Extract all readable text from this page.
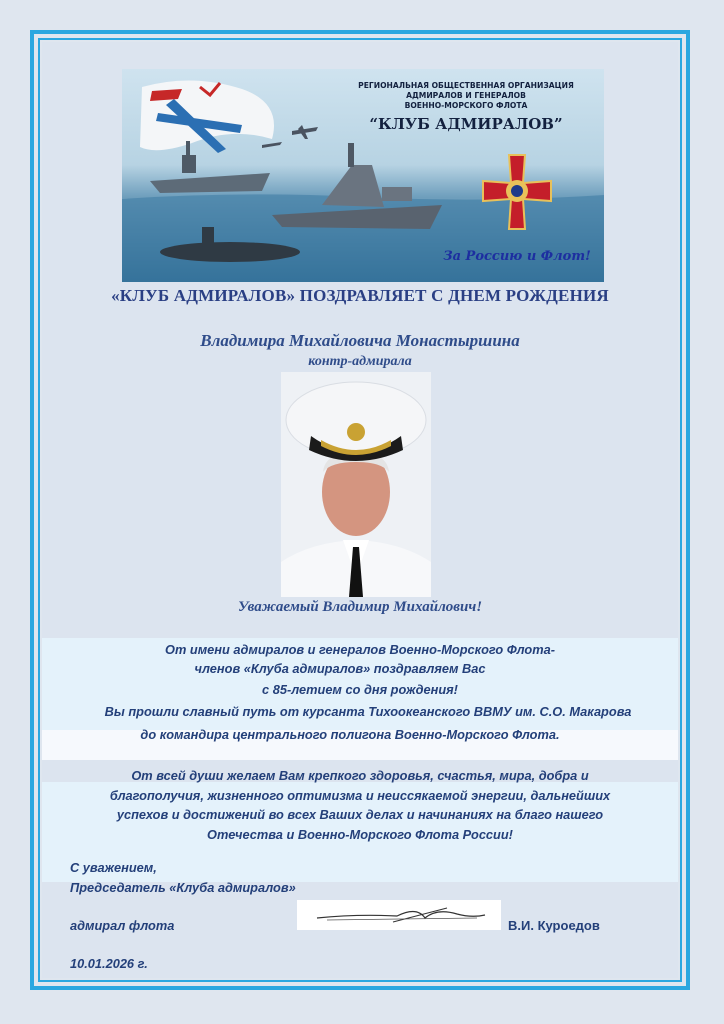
РЕГИОНАЛЬНАЯ ОБЩЕСТВЕННАЯ ОРГАНИЗАЦИЯ
АДМИРАЛОВ И ГЕНЕРАЛОВ
ВОЕННО-МОРСКОГО ФЛОТА
“КЛУБ АДМИРАЛОВ”
За Россию и Флот!
«КЛУБ АДМИРАЛОВ» ПОЗДРАВЛЯЕТ С ДНЕМ РОЖДЕНИЯ
Владимира Михайловича Монастыршина
контр-адмирала
Уважаемый Владимир Михайлович!
От имени адмиралов и генералов Военно-Морского Флота-
членов «Клуба адмиралов» поздравляем Вас
с 85-летием со дня рождения!
Вы прошли славный путь от курсанта Тихоокеанского ВВМУ им. С.О. Макарова
до командира центрального полигона Военно-Морского Флота.
От всей души желаем Вам крепкого здоровья, счастья, мира, добра и
благополучия, жизненного оптимизма и неиссякаемой энергии, дальнейших
успехов и достижений во всех Ваших делах и начинаниях на благо нашего
Отечества и Военно-Морского Флота России!
С уважением,
Председатель «Клуба адмиралов»
адмирал флота	В.И. Куроедов
10.01.2026 г.
